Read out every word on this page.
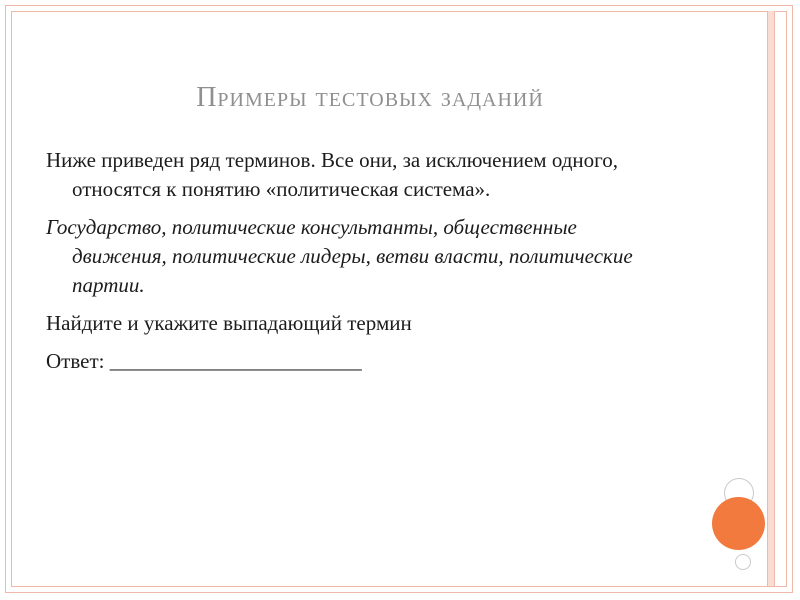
Примеры тестовых заданий

Ниже приведен ряд терминов. Все они, за исключением одного, относятся к понятию «политическая система».

Государство, политические консультанты, общественные движения, политические лидеры, ветви власти, политические партии.

Найдите и укажите выпадающий термин

Ответ: ________________________
